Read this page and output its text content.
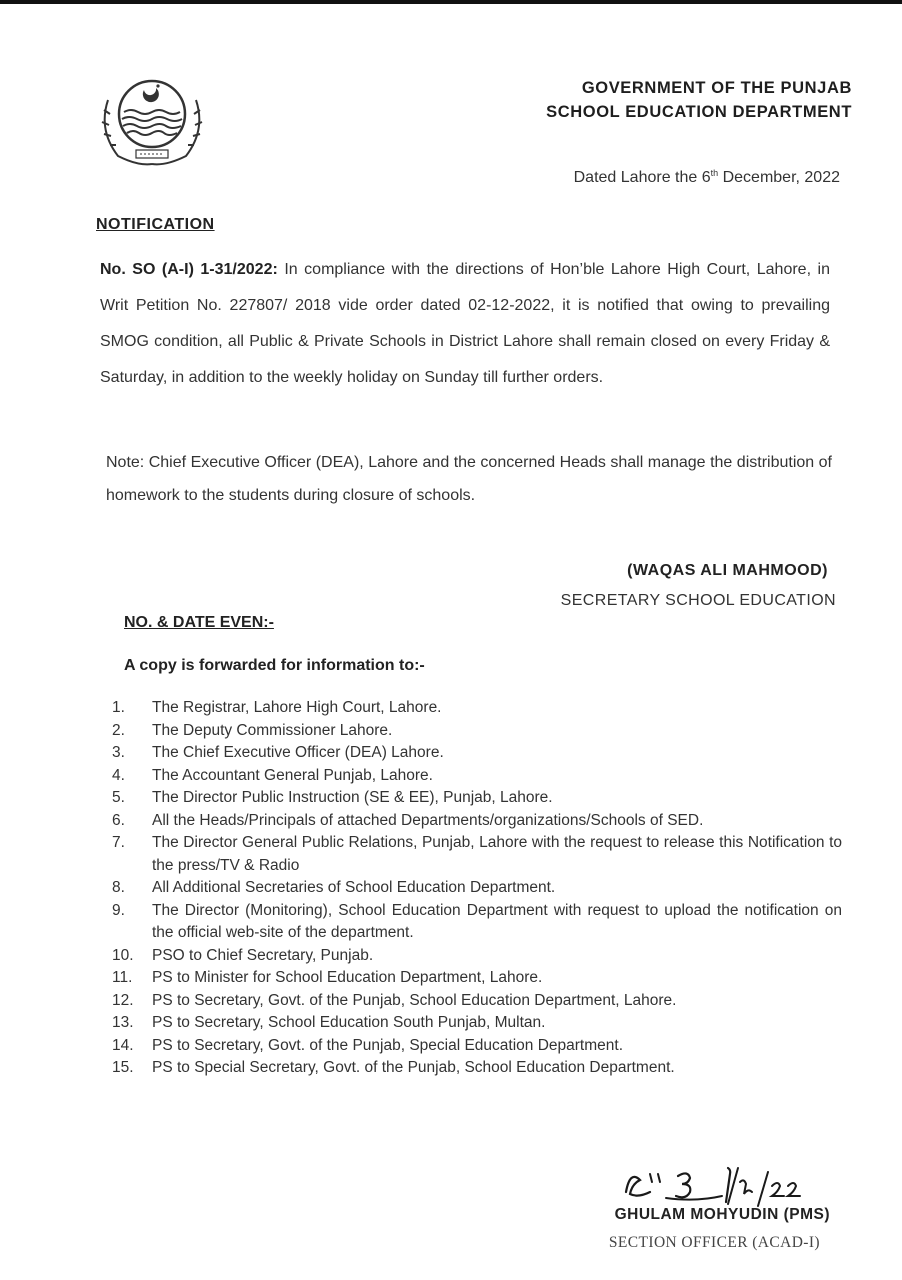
GOVERNMENT OF THE PUNJAB
SCHOOL EDUCATION DEPARTMENT
Dated Lahore the 6th December, 2022
NOTIFICATION
No. SO (A-I) 1-31/2022: In compliance with the directions of Hon’ble Lahore High Court, Lahore, in Writ Petition No. 227807/ 2018 vide order dated 02-12-2022, it is notified that owing to prevailing SMOG condition, all Public & Private Schools in District Lahore shall remain closed on every Friday & Saturday, in addition to the weekly holiday on Sunday till further orders.
Note: Chief Executive Officer (DEA), Lahore and the concerned Heads shall manage the distribution of homework to the students during closure of schools.
(WAQAS ALI MAHMOOD)
SECRETARY SCHOOL EDUCATION
NO. & DATE EVEN:-
A copy is forwarded for information to:-
1.	The Registrar, Lahore High Court, Lahore.
2.	The Deputy Commissioner Lahore.
3.	The Chief Executive Officer (DEA) Lahore.
4.	The Accountant General Punjab, Lahore.
5.	The Director Public Instruction (SE & EE), Punjab, Lahore.
6.	All the Heads/Principals of attached Departments/organizations/Schools of SED.
7.	The Director General Public Relations, Punjab, Lahore with the request to release this Notification to the press/TV & Radio
8.	All Additional Secretaries of School Education Department.
9.	The Director (Monitoring), School Education Department with request to upload the notification on the official web-site of the department.
10.	PSO to Chief Secretary, Punjab.
11.	PS to Minister for School Education Department, Lahore.
12.	PS to Secretary, Govt. of the Punjab, School Education Department, Lahore.
13.	PS to Secretary, School Education South Punjab, Multan.
14.	PS to Secretary, Govt. of the Punjab, Special Education Department.
15.	PS to Special Secretary, Govt. of the Punjab, School Education Department.
GHULAM MOHYUDIN (PMS)
SECTION OFFICER (ACAD-I)
